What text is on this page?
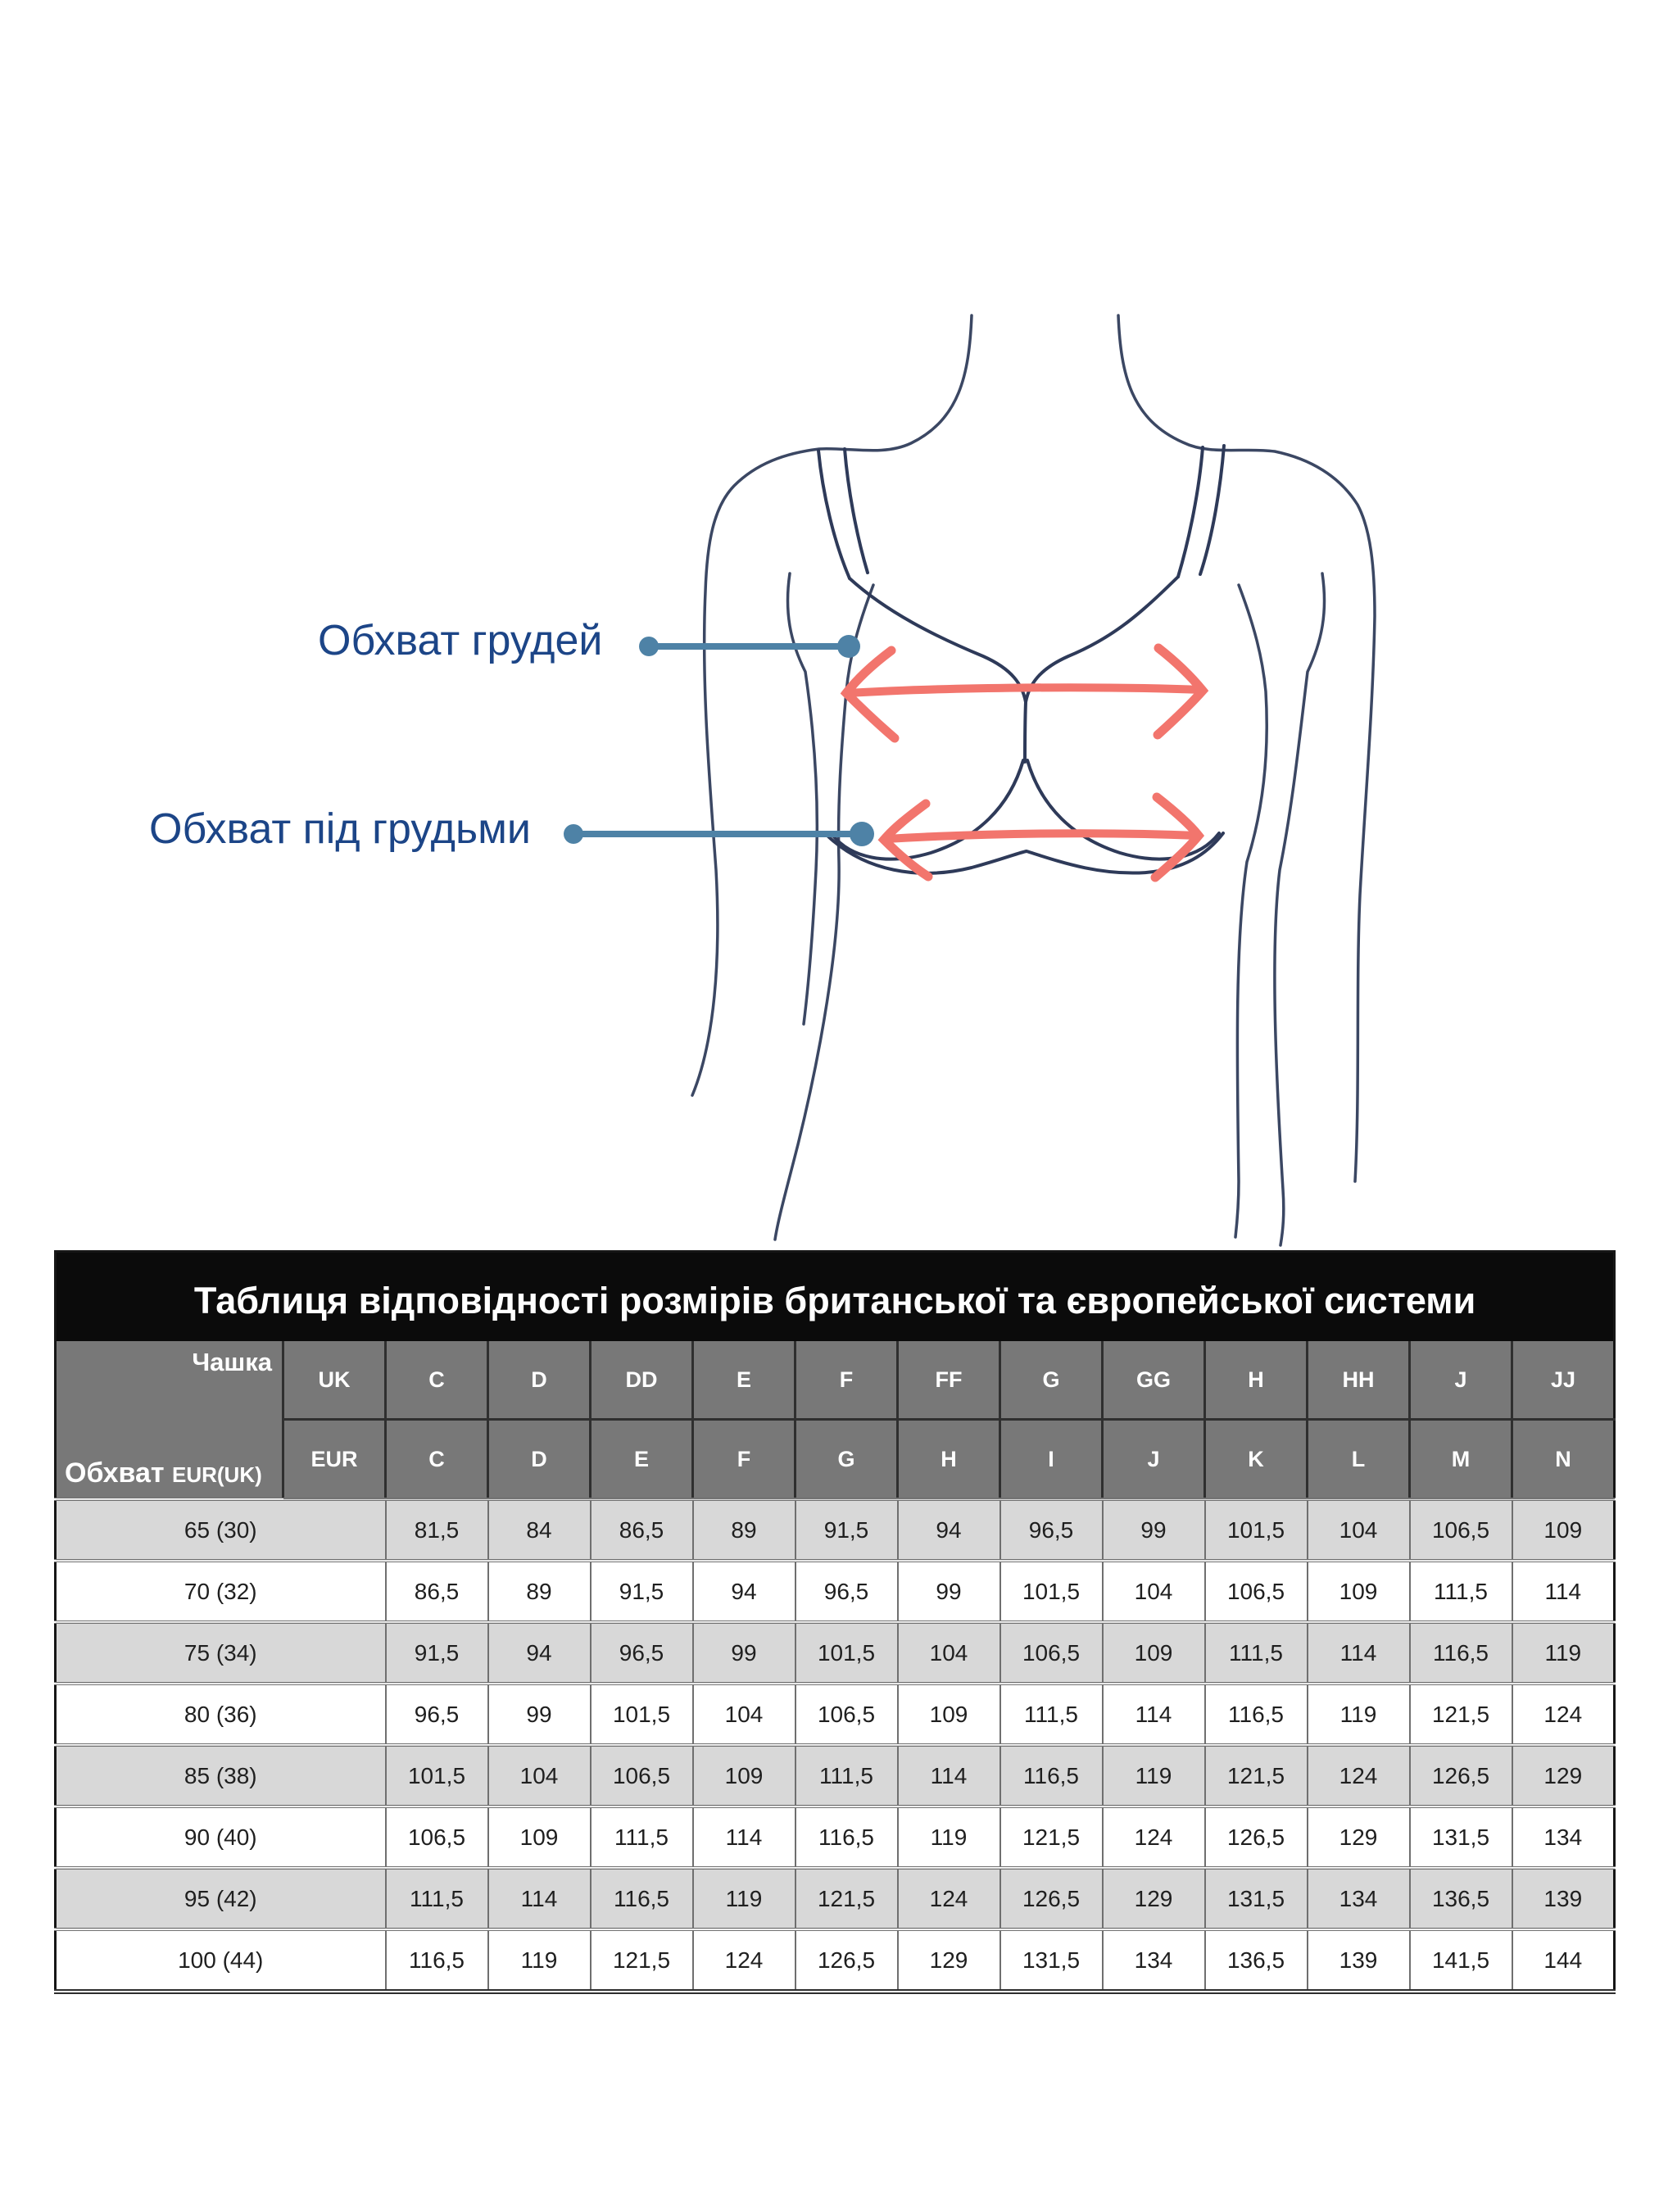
Обхват грудей
Обхват під грудьми
Таблиця відповідності розмірів британської та європейської системи													

Чашка
Обхват EUR(UK)	UK	C	D	DD	E	F	FF	G	GG	H	HH	J	JJ
	EUR	C	D	E	F	G	H	I	J	K	L	M	N
65 (30)		81,5	84	86,5	89	91,5	94	96,5	99	101,5	104	106,5	109
70 (32)		86,5	89	91,5	94	96,5	99	101,5	104	106,5	109	111,5	114
75 (34)		91,5	94	96,5	99	101,5	104	106,5	109	111,5	114	116,5	119
80 (36)		96,5	99	101,5	104	106,5	109	111,5	114	116,5	119	121,5	124
85 (38)		101,5	104	106,5	109	111,5	114	116,5	119	121,5	124	126,5	129
90 (40)		106,5	109	111,5	114	116,5	119	121,5	124	126,5	129	131,5	134
95 (42)		111,5	114	116,5	119	121,5	124	126,5	129	131,5	134	136,5	139
100 (44)		116,5	119	121,5	124	126,5	129	131,5	134	136,5	139	141,5	144
